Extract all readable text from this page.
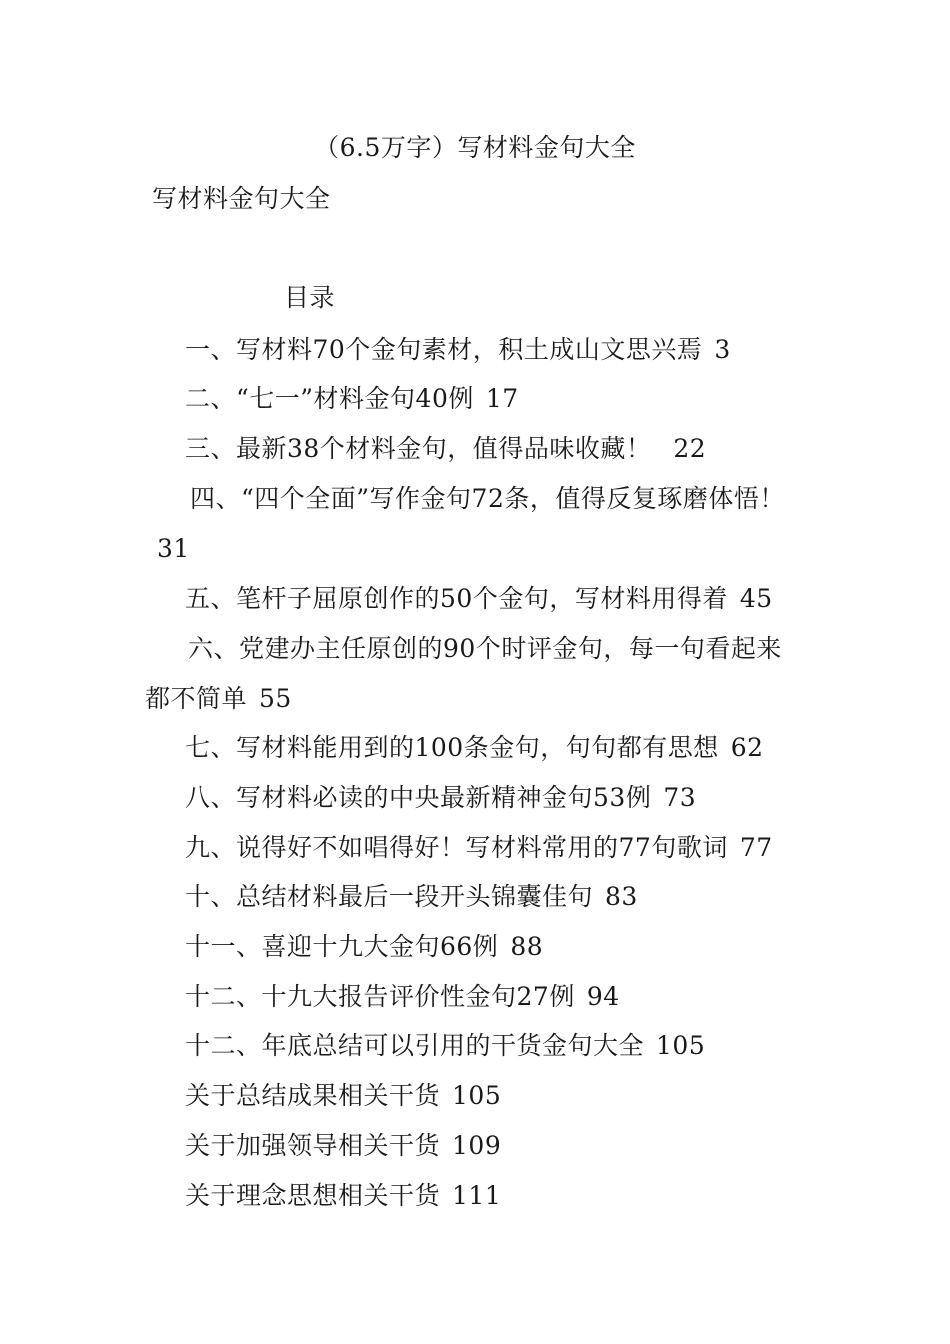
（6.5万字）写材料金句大全
写材料金句大全
目录
一、写材料70个金句素材，积土成山文思兴焉 3
二、“七一”材料金句40例 17
三、最新38个材料金句，值得品味收藏！ 22
四、“四个全面”写作金句72条，值得反复琢磨体悟！
31
五、笔杆子屈原创作的50个金句，写材料用得着 45
六、党建办主任原创的90个时评金句，每一句看起来
都不简单 55
七、写材料能用到的100条金句，句句都有思想 62
八、写材料必读的中央最新精神金句53例 73
九、说得好不如唱得好！写材料常用的77句歌词 77
十、总结材料最后一段开头锦囊佳句 83
十一、喜迎十九大金句66例 88
十二、十九大报告评价性金句27例 94
十二、年底总结可以引用的干货金句大全 105
关于总结成果相关干货 105
关于加强领导相关干货 109
关于理念思想相关干货 111
